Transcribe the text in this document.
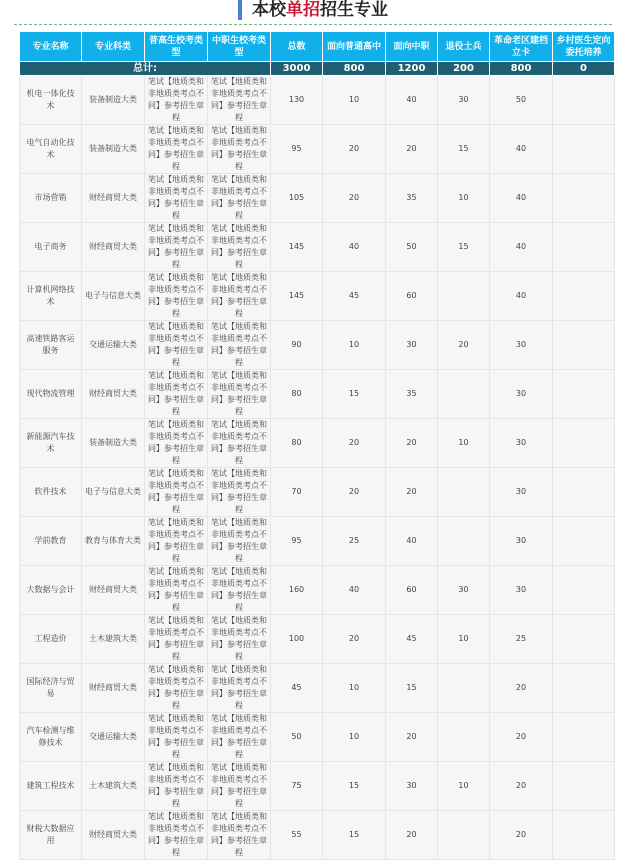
本校单招招生专业
专业名称	专业科类	普高生校考类型	中职生校考类型	总数	面向普通高中	面向中职	退役士兵	革命老区建档立卡	乡村医生定向委托培养
总计:				3000	800	1200	200	800	0
机电一体化技术	装备制造大类	笔试【地质类和非地质类考点不同】参考招生章程	笔试【地质类和非地质类考点不同】参考招生章程	130	10	40	30	50	
电气自动化技术	装备制造大类	笔试【地质类和非地质类考点不同】参考招生章程	笔试【地质类和非地质类考点不同】参考招生章程	95	20	20	15	40	
市场营销	财经商贸大类	笔试【地质类和非地质类考点不同】参考招生章程	笔试【地质类和非地质类考点不同】参考招生章程	105	20	35	10	40	
电子商务	财经商贸大类	笔试【地质类和非地质类考点不同】参考招生章程	笔试【地质类和非地质类考点不同】参考招生章程	145	40	50	15	40	
计算机网络技术	电子与信息大类	笔试【地质类和非地质类考点不同】参考招生章程	笔试【地质类和非地质类考点不同】参考招生章程	145	45	60		40	
高速铁路客运服务	交通运输大类	笔试【地质类和非地质类考点不同】参考招生章程	笔试【地质类和非地质类考点不同】参考招生章程	90	10	30	20	30	
现代物流管理	财经商贸大类	笔试【地质类和非地质类考点不同】参考招生章程	笔试【地质类和非地质类考点不同】参考招生章程	80	15	35		30	
新能源汽车技术	装备制造大类	笔试【地质类和非地质类考点不同】参考招生章程	笔试【地质类和非地质类考点不同】参考招生章程	80	20	20	10	30	
软件技术	电子与信息大类	笔试【地质类和非地质类考点不同】参考招生章程	笔试【地质类和非地质类考点不同】参考招生章程	70	20	20		30	
学前教育	教育与体育大类	笔试【地质类和非地质类考点不同】参考招生章程	笔试【地质类和非地质类考点不同】参考招生章程	95	25	40		30	
大数据与会计	财经商贸大类	笔试【地质类和非地质类考点不同】参考招生章程	笔试【地质类和非地质类考点不同】参考招生章程	160	40	60	30	30	
工程造价	土木建筑大类	笔试【地质类和非地质类考点不同】参考招生章程	笔试【地质类和非地质类考点不同】参考招生章程	100	20	45	10	25	
国际经济与贸易	财经商贸大类	笔试【地质类和非地质类考点不同】参考招生章程	笔试【地质类和非地质类考点不同】参考招生章程	45	10	15		20	
汽车检测与维修技术	交通运输大类	笔试【地质类和非地质类考点不同】参考招生章程	笔试【地质类和非地质类考点不同】参考招生章程	50	10	20		20	
建筑工程技术	土木建筑大类	笔试【地质类和非地质类考点不同】参考招生章程	笔试【地质类和非地质类考点不同】参考招生章程	75	15	30	10	20	
财税大数据应用	财经商贸大类	笔试【地质类和非地质类考点不同】参考招生章程	笔试【地质类和非地质类考点不同】参考招生章程	55	15	20		20	
